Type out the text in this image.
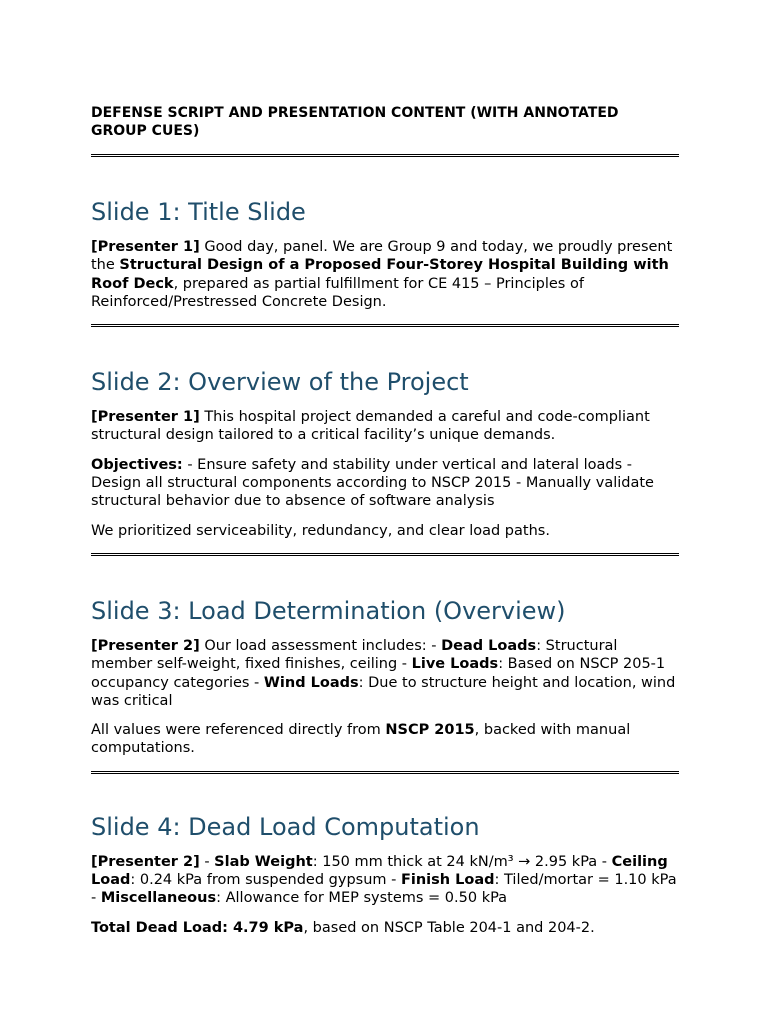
DEFENSE SCRIPT AND PRESENTATION CONTENT (WITH ANNOTATED GROUP CUES)
Slide 1: Title Slide

[Presenter 1] Good day, panel. We are Group 9 and today, we proudly present the Structural Design of a Proposed Four-Storey Hospital Building with Roof Deck, prepared as partial fulfillment for CE 415 – Principles of Reinforced/Prestressed Concrete Design.

Slide 2: Overview of the Project

[Presenter 1] This hospital project demanded a careful and code-compliant structural design tailored to a critical facility’s unique demands.

Objectives: - Ensure safety and stability under vertical and lateral loads - Design all structural components according to NSCP 2015 - Manually validate structural behavior due to absence of software analysis

We prioritized serviceability, redundancy, and clear load paths.

Slide 3: Load Determination (Overview)

[Presenter 2] Our load assessment includes: - Dead Loads: Structural member self-weight, fixed finishes, ceiling - Live Loads: Based on NSCP 205-1 occupancy categories - Wind Loads: Due to structure height and location, wind was critical

All values were referenced directly from NSCP 2015, backed with manual computations.

Slide 4: Dead Load Computation

[Presenter 2] - Slab Weight: 150 mm thick at 24 kN/m³ → 2.95 kPa - Ceiling Load: 0.24 kPa from suspended gypsum - Finish Load: Tiled/mortar = 1.10 kPa - Miscellaneous: Allowance for MEP systems = 0.50 kPa

Total Dead Load: 4.79 kPa, based on NSCP Table 204-1 and 204-2.
